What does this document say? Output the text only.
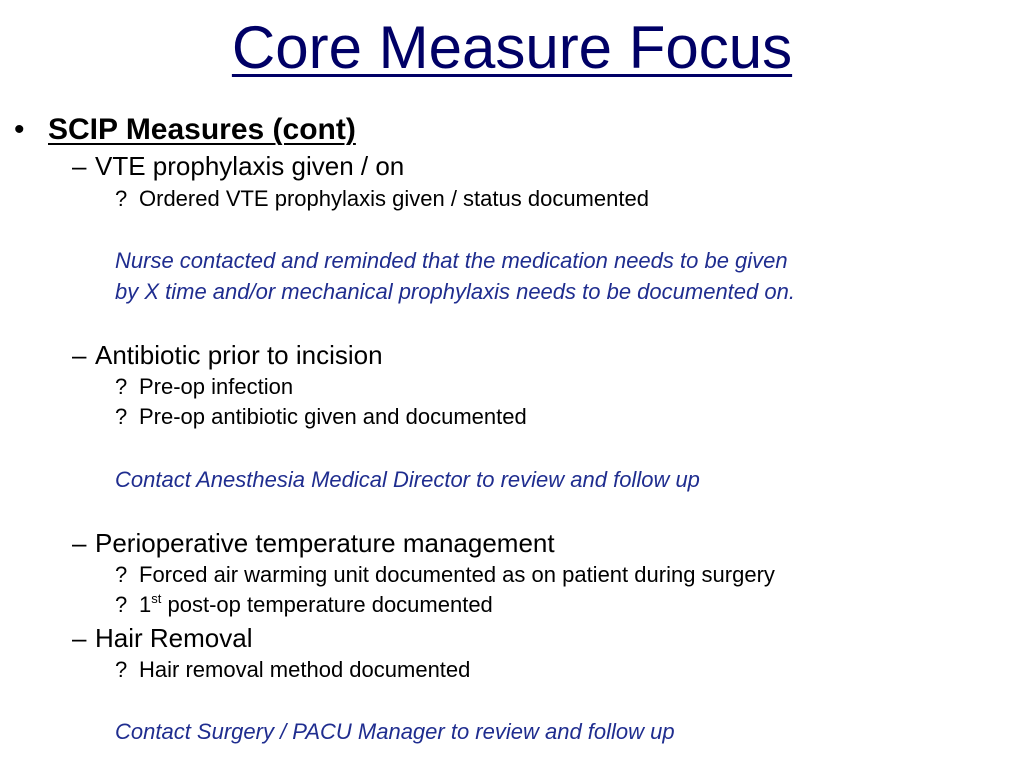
Core Measure Focus
• SCIP Measures (cont)
– VTE prophylaxis given / on
? Ordered VTE prophylaxis given / status documented
Nurse contacted and reminded that the medication needs to be given
by X time and/or mechanical prophylaxis needs to be documented on.
– Antibiotic prior to incision
? Pre-op infection
? Pre-op antibiotic given and documented
Contact Anesthesia Medical Director to review and follow up
– Perioperative temperature management
? Forced air warming unit documented as on patient during surgery
? 1st post-op temperature documented
– Hair Removal
? Hair removal method documented
Contact Surgery / PACU Manager to review and follow up
